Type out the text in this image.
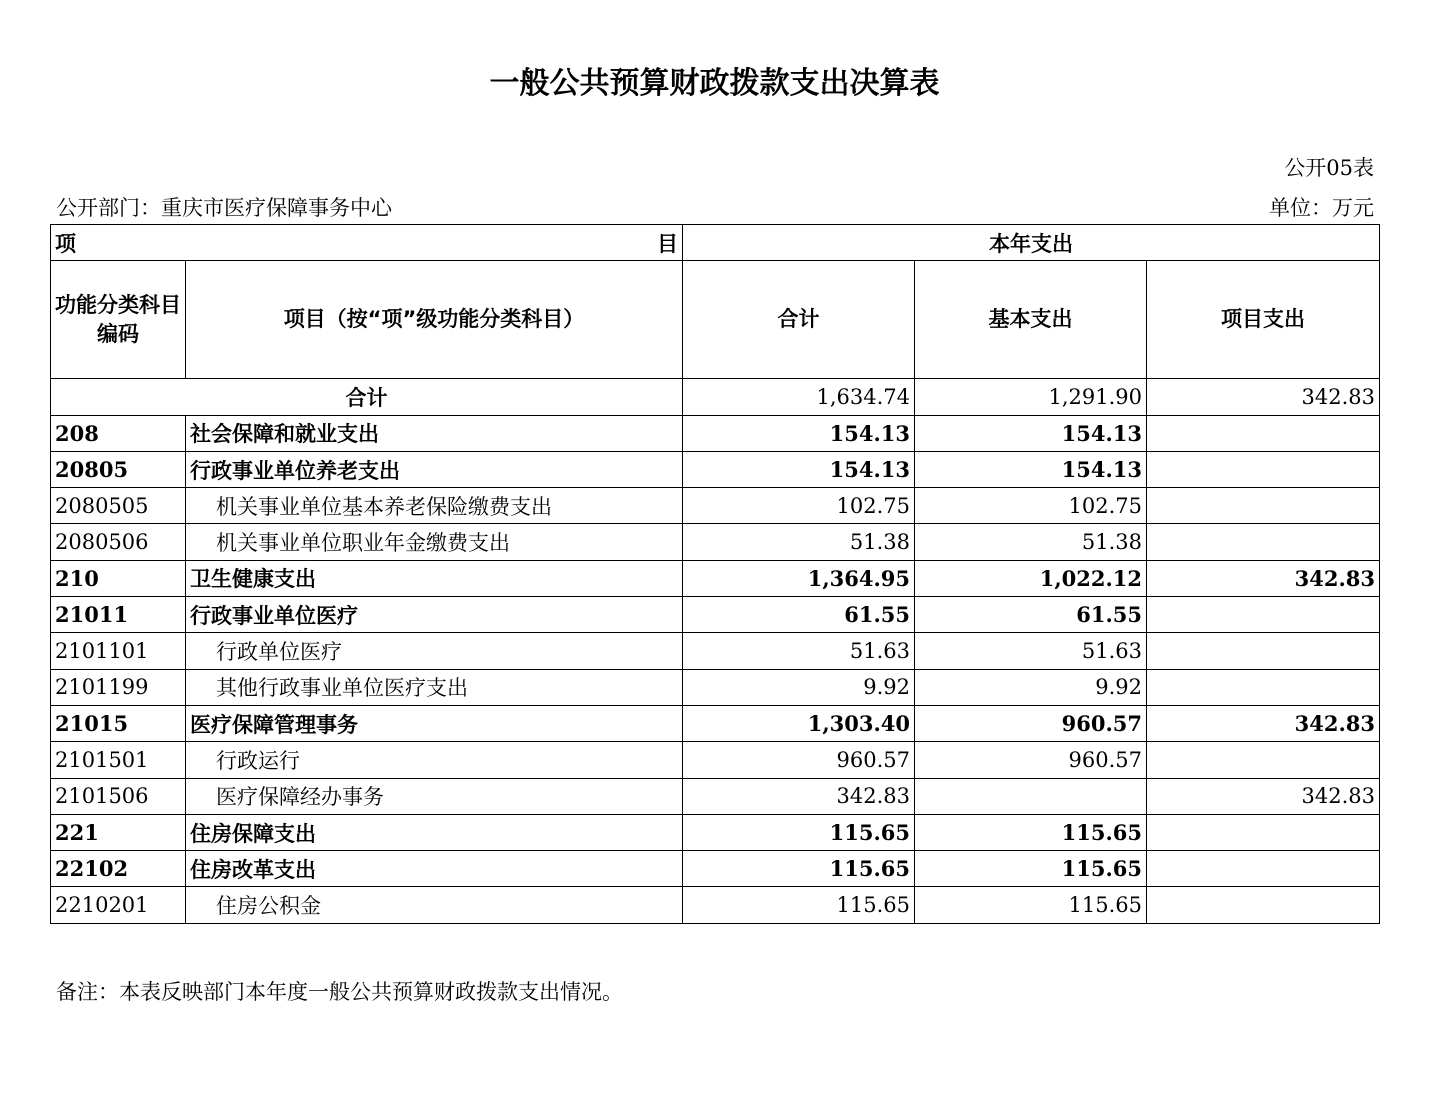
一般公共预算财政拨款支出决算表
公开05表
公开部门：重庆市医疗保障事务中心	单位：万元
项 目		本年支出		
功能分类科目编码	项目（按“项”级功能分类科目）	合计	基本支出	项目支出
合计		1,634.74	1,291.90	342.83
208	社会保障和就业支出	154.13	154.13	
20805	行政事业单位养老支出	154.13	154.13	
2080505	机关事业单位基本养老保险缴费支出	102.75	102.75	
2080506	机关事业单位职业年金缴费支出	51.38	51.38	
210	卫生健康支出	1,364.95	1,022.12	342.83
21011	行政事业单位医疗	61.55	61.55	
2101101	行政单位医疗	51.63	51.63	
2101199	其他行政事业单位医疗支出	9.92	9.92	
21015	医疗保障管理事务	1,303.40	960.57	342.83
2101501	行政运行	960.57	960.57	
2101506	医疗保障经办事务	342.83		342.83
221	住房保障支出	115.65	115.65	
22102	住房改革支出	115.65	115.65	
2210201	住房公积金	115.65	115.65	
备注：本表反映部门本年度一般公共预算财政拨款支出情况。
